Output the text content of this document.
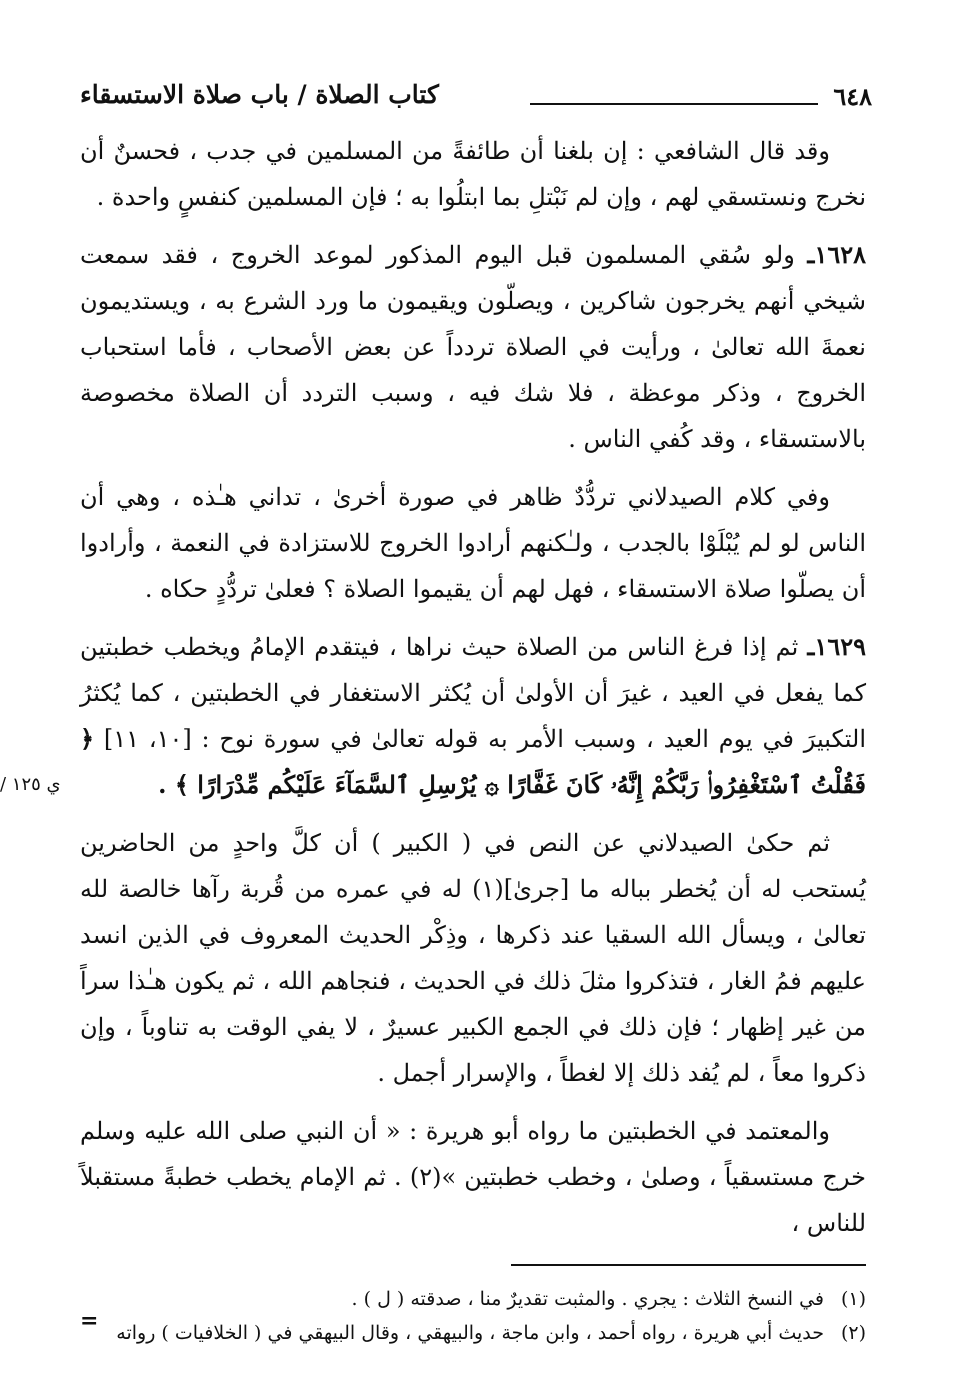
٦٤٨
كتاب الصلاة / باب صلاة الاستسقاء

وقد قال الشافعي : إن بلغنا أن طائفةً من المسلمين في جدب ، فحسنٌ أن نخرج ونستسقي لهم ، وإن لم نَبْتلِ بما ابتلُوا به ؛ فإن المسلمين كنفسٍ واحدة .

١٦٢٨ـ ولو سُقي المسلمون قبل اليوم المذكور لموعد الخروج ، فقد سمعت شيخي أنهم يخرجون شاكرين ، ويصلّون ويقيمون ما ورد الشرع به ، ويستديمون نعمةَ الله تعالىٰ ، ورأيت في الصلاة تردداً عن بعض الأصحاب ، فأما استحباب الخروج ، وذكر موعظة ، فلا شك فيه ، وسبب التردد أن الصلاة مخصوصة بالاستسقاء ، وقد كُفي الناس .

وفي كلام الصيدلاني تردُّدٌ ظاهر في صورة أخرىٰ ، تداني هـٰذه ، وهي أن الناس لو لم يُبْلَوْا بالجدب ، ولـٰكنهم أرادوا الخروج للاستزادة في النعمة ، وأرادوا أن يصلّوا صلاة الاستسقاء ، فهل لهم أن يقيموا الصلاة ؟ فعلىٰ تردُّدٍ حكاه .

١٦٢٩ـ ثم إذا فرغ الناس من الصلاة حيث نراها ، فيتقدم الإمامُ ويخطب خطبتين كما يفعل في العيد ، غيرَ أن الأولىٰ أن يُكثر الاستغفار في الخطبتين ، كما يُكثرُ التكبيرَ في يوم العيد ، وسبب الأمر به قوله تعالىٰ في سورة نوح : [١٠، ١١] ﴿ فَقُلْتُ ٱسْتَغْفِرُوا۟ رَبَّكُمْ إِنَّهُۥ كَانَ غَفَّارًا ۞ يُرْسِلِ ٱلسَّمَآءَ عَلَيْكُم مِّدْرَارًا ﴾ .
ي ١٢٥ /

ثم حكىٰ الصيدلاني عن النص في ( الكبير ) أن كلَّ واحدٍ من الحاضرين يُستحب له أن يُخطر بباله ما [جرىٰ](١) له في عمره من قُربة رآها خالصة لله تعالىٰ ، ويسأل الله السقيا عند ذكرها ، وذِكْر الحديث المعروف في الذين انسد عليهم فمُ الغار ، فتذكروا مثلَ ذلك في الحديث ، فنجاهم الله ، ثم يكون هـٰذا سراً من غير إظهار ؛ فإن ذلك في الجمع الكبير عسيرٌ ، لا يفي الوقت به تناوباً ، وإن ذكروا معاً ، لم يُفد ذلك إلا لغطاً ، والإسرار أجمل .

والمعتمد في الخطبتين ما رواه أبو هريرة : « أن النبي صلى الله عليه وسلم خرج مستسقياً ، وصلىٰ ، وخطب خطبتين »(٢) . ثم الإمام يخطب خطبةً مستقبلاً للناس ،

(١)في النسخ الثلاث : يجري . والمثبت تقديرٌ منا ، صدقته ( ل ) .
(٢)حديث أبي هريرة ، رواه أحمد ، وابن ماجة ، والبيهقي ، وقال البيهقي في ( الخلافيات ) رواته
=
